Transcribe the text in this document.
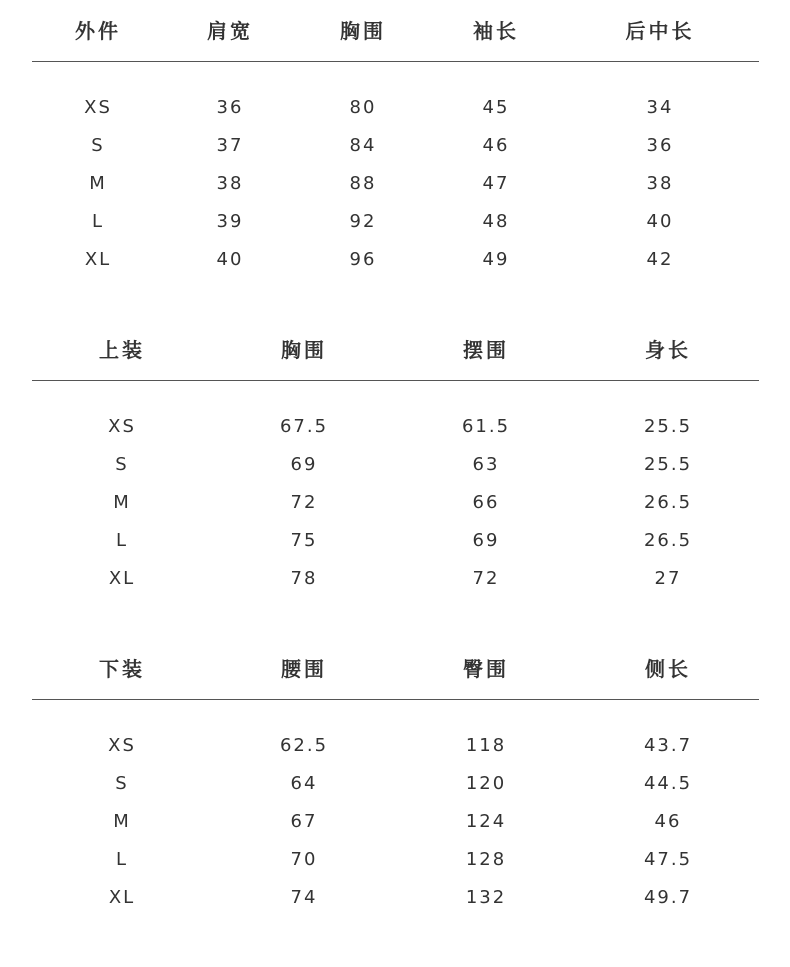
外件	肩宽	胸围	袖长	后中长
XS	36	80	45	34
S	37	84	46	36
M	38	88	47	38
L	39	92	48	40
XL	40	96	49	42
上装	胸围	摆围	身长
XS	67.5	61.5	25.5
S	69	63	25.5
M	72	66	26.5
L	75	69	26.5
XL	78	72	27
下装	腰围	臀围	侧长
XS	62.5	118	43.7
S	64	120	44.5
M	67	124	46
L	70	128	47.5
XL	74	132	49.7
